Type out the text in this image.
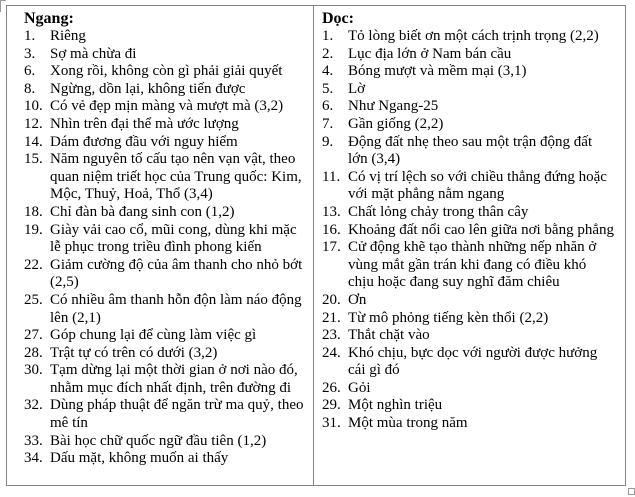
Ngang:

1. Riêng
3. Sợ mà chừa đi
6. Xong rồi, không còn gì phải giải quyết
8. Ngừng, dồn lại, không tiến được
10. Có vẻ đẹp mịn màng và mượt mà (3,2)
12. Nhìn trên đại thể mà ước lượng
14. Dám đương đầu với nguy hiểm
15. Năm nguyên tố cấu tạo nên vạn vật, theo quan niệm triết học của Trung quốc: Kim, Mộc, Thuỷ, Hoả, Thổ (3,4)
18. Chỉ đàn bà đang sinh con (1,2)
19. Giày vải cao cổ, mũi cong, dùng khi mặc lễ phục trong triều đình phong kiến
22. Giảm cường độ của âm thanh cho nhỏ bớt (2,5)
25. Có nhiều âm thanh hỗn độn làm náo động lên (2,1)
27. Góp chung lại để cùng làm việc gì
28. Trật tự có trên có dưới (3,2)
30. Tạm dừng lại một thời gian ở nơi nào đó, nhằm mục đích nhất định, trên đường đi
32. Dùng pháp thuật để ngăn trừ ma quỷ, theo mê tín
33. Bài học chữ quốc ngữ đầu tiên (1,2)
34. Dấu mặt, không muốn ai thấy

Dọc:

1. Tỏ lòng biết ơn một cách trịnh trọng (2,2)
2. Lục địa lớn ở Nam bán cầu
4. Bóng mượt và mềm mại (3,1)
5. Lờ
6. Như Ngang-25
7. Gần giống (2,2)
9. Động đất nhẹ theo sau một trận động đất lớn (3,4)
11. Có vị trí lệch so với chiều thẳng đứng hoặc với mặt phẳng nằm ngang
13. Chất lỏng chảy trong thân cây
16. Khoảng đất nổi cao lên giữa nơi bằng phẳng
17. Cử động khẽ tạo thành những nếp nhăn ở vùng mắt gần trán khi đang có điều khó chịu hoặc đang suy nghĩ đăm chiêu
20. Ơn
21. Từ mô phỏng tiếng kèn thổi (2,2)
23. Thắt chặt vào
24. Khó chịu, bực dọc với người được hưởng cái gì đó
26. Gỏi
29. Một nghìn triệu
31. Một mùa trong năm
